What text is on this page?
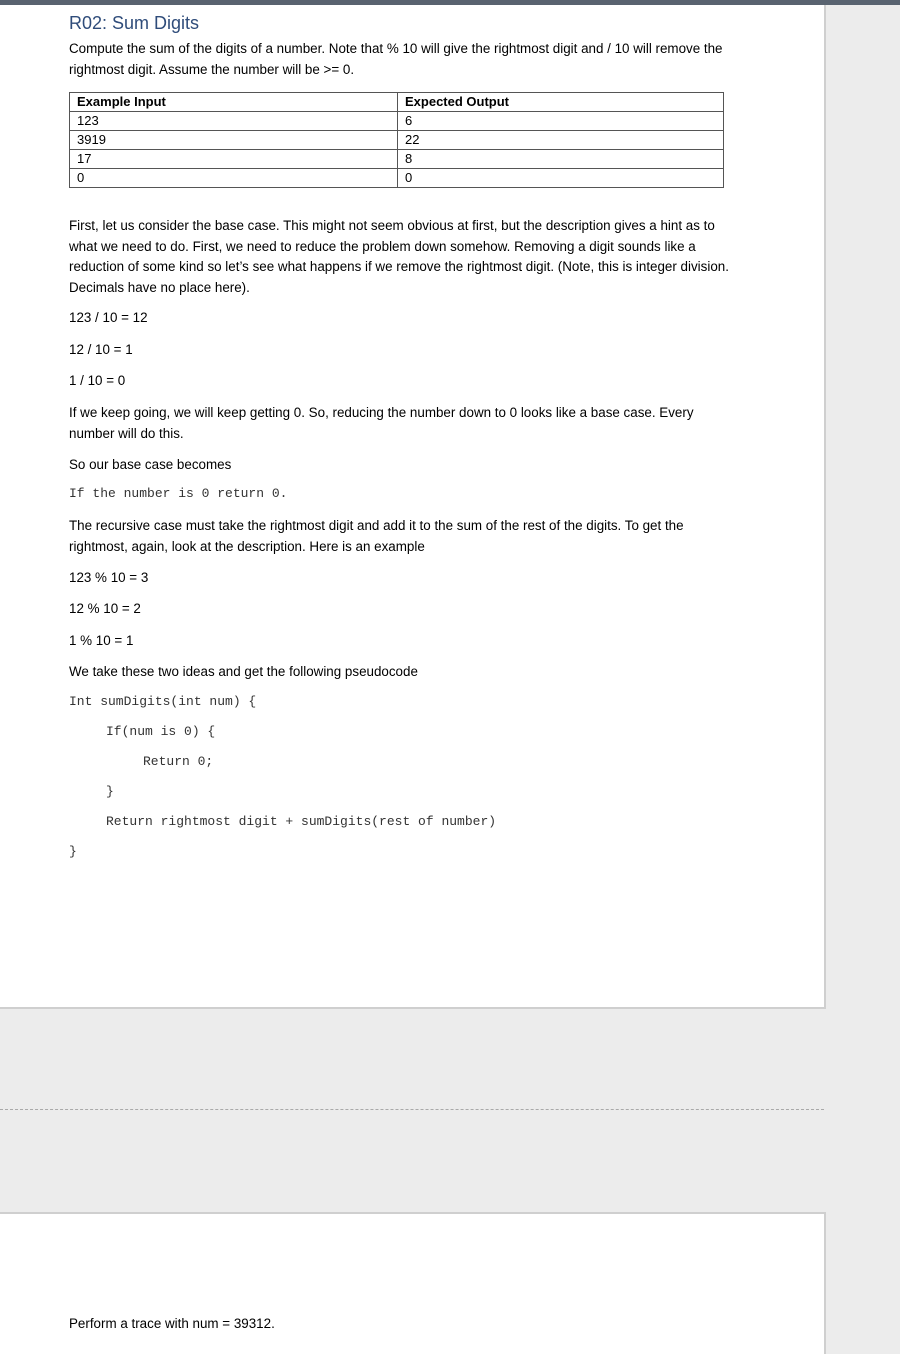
R02: Sum Digits

Compute the sum of the digits of a number. Note that % 10 will give the rightmost digit and / 10 will remove the rightmost digit. Assume the number will be >= 0.

Example Input	Expected Output
123	6
3919	22
17	8
0	0

First, let us consider the base case. This might not seem obvious at first, but the description gives a hint as to what we need to do. First, we need to reduce the problem down somehow. Removing a digit sounds like a reduction of some kind so let’s see what happens if we remove the rightmost digit. (Note, this is integer division. Decimals have no place here).

123 / 10 = 12

12 / 10 = 1

1 / 10 = 0

If we keep going, we will keep getting 0. So, reducing the number down to 0 looks like a base case. Every number will do this.

So our base case becomes

If the number is 0 return 0.

The recursive case must take the rightmost digit and add it to the sum of the rest of the digits. To get the rightmost, again, look at the description. Here is an example

123 % 10 = 3

12 % 10 = 2

1 % 10 = 1

We take these two ideas and get the following pseudocode

Int sumDigits(int num) {
If(num is 0) {
Return 0;
}
Return rightmost digit + sumDigits(rest of number)
}

Perform a trace with num = 39312.
